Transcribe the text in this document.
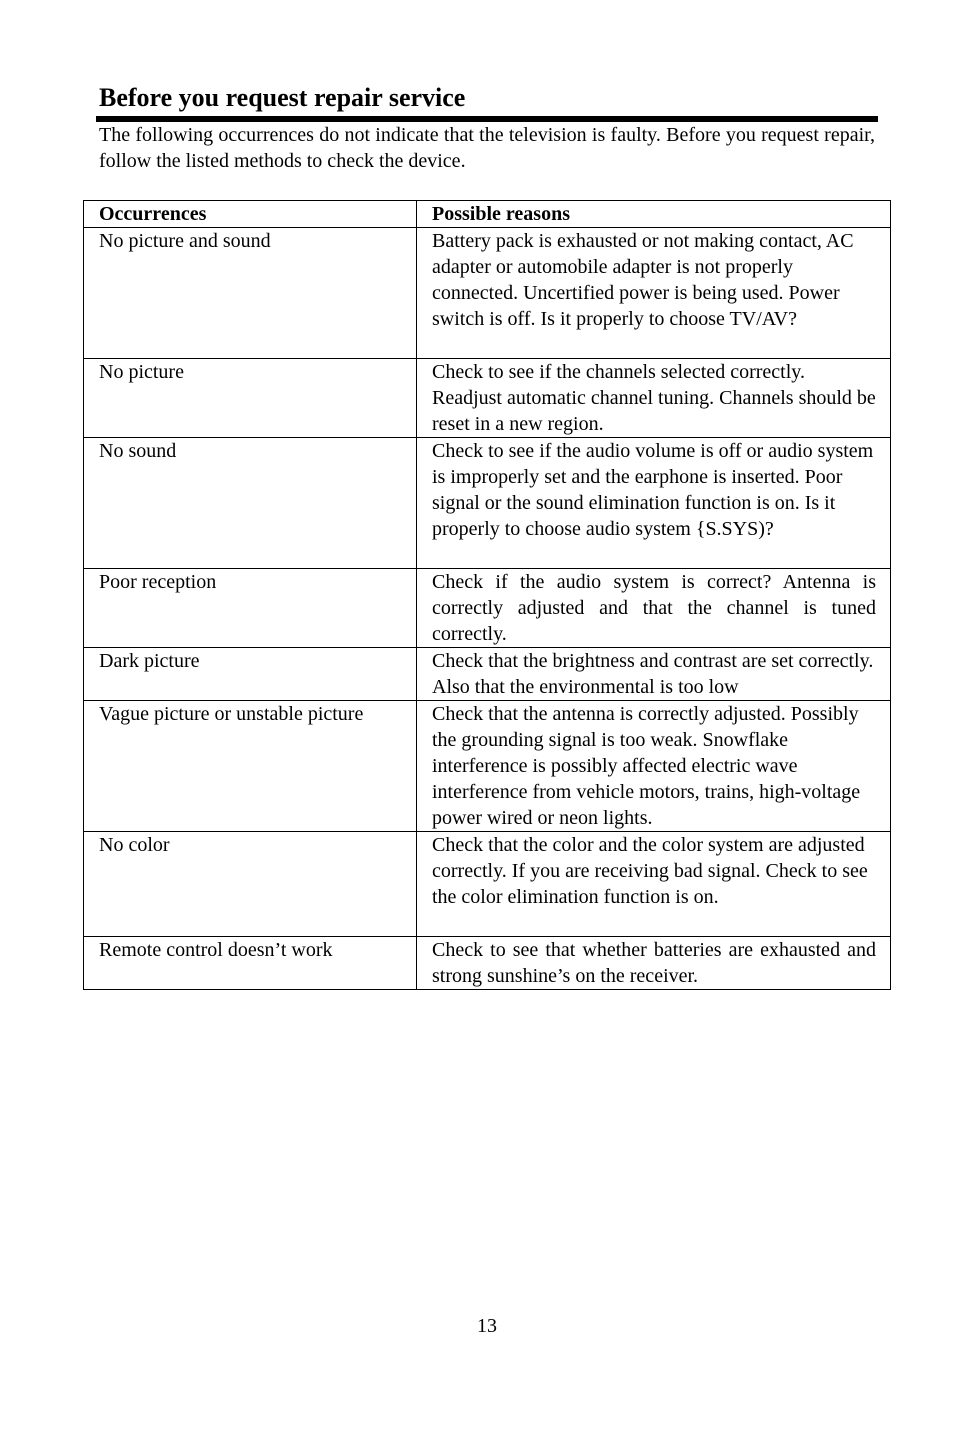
Before you request repair service
The following occurrences do not indicate that the television is faulty. Before you request repair, follow the listed methods to check the device.
Occurrences	Possible reasons
No picture and sound	Battery pack is exhausted or not making contact, AC adapter or automobile adapter is not properly connected. Uncertified power is being used. Power switch is off. Is it properly to choose TV/AV?
No picture	Check to see if the channels selected correctly. Readjust automatic channel tuning. Channels should be reset in a new region.
No sound	Check to see if the audio volume is off or audio system is improperly set and the earphone is inserted. Poor signal or the sound elimination function is on. Is it properly to choose audio system {S.SYS)?
Poor reception	Check if the audio system is correct? Antenna is correctly adjusted and that the channel is tuned correctly.
Dark picture	Check that the brightness and contrast are set correctly. Also that the environmental is too low
Vague picture or unstable picture	Check that the antenna is correctly adjusted. Possibly the grounding signal is too weak. Snowflake interference is possibly affected electric wave interference from vehicle motors, trains, high-voltage power wired or neon lights.
No color	Check that the color and the color system are adjusted correctly. If you are receiving bad signal. Check to see the color elimination function is on.
Remote control doesn’t work	Check to see that whether batteries are exhausted and strong sunshine’s on the receiver.
13
